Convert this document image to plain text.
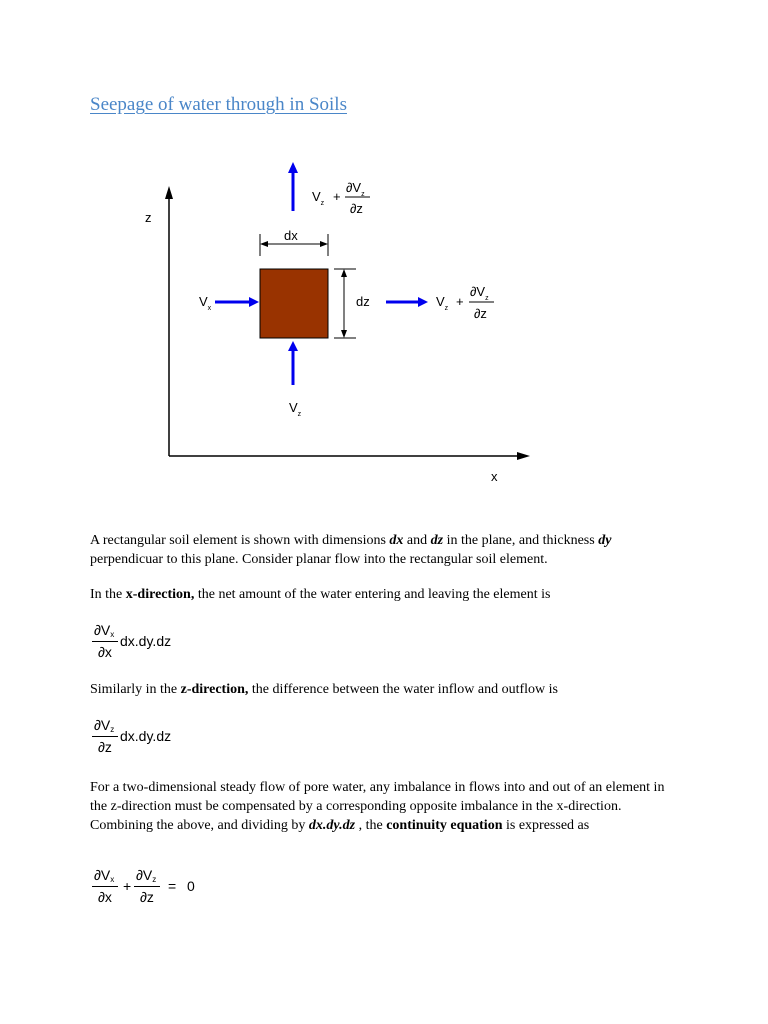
Seepage of water through in Soils
z
x
dx
dz
$V_x$
$V_z$
$V_z$ +
$\partial V_z$
∂z
$V_z$ +
$\partial V_z$
∂z
A rectangular soil element is shown with dimensions dx and dz in the plane, and thickness dy perpendicuar to this plane. Consider planar flow into the rectangular soil element.
In the x-direction, the net amount of the water entering and leaving the element is
$\partial V_x$
∂x
dx.dy.dz
Similarly in the z-direction, the difference between the water inflow and outflow is
$\partial V_z$
∂z
dx.dy.dz
For a two-dimensional steady flow of pore water, any imbalance in flows into and out of an element in the z-direction must be compensated by a corresponding opposite imbalance in the x-direction. Combining the above, and dividing by dx.dy.dz , the continuity equation is expressed as
$\partial V_x$
∂x
+
$\partial V_z$
∂z
= 0
